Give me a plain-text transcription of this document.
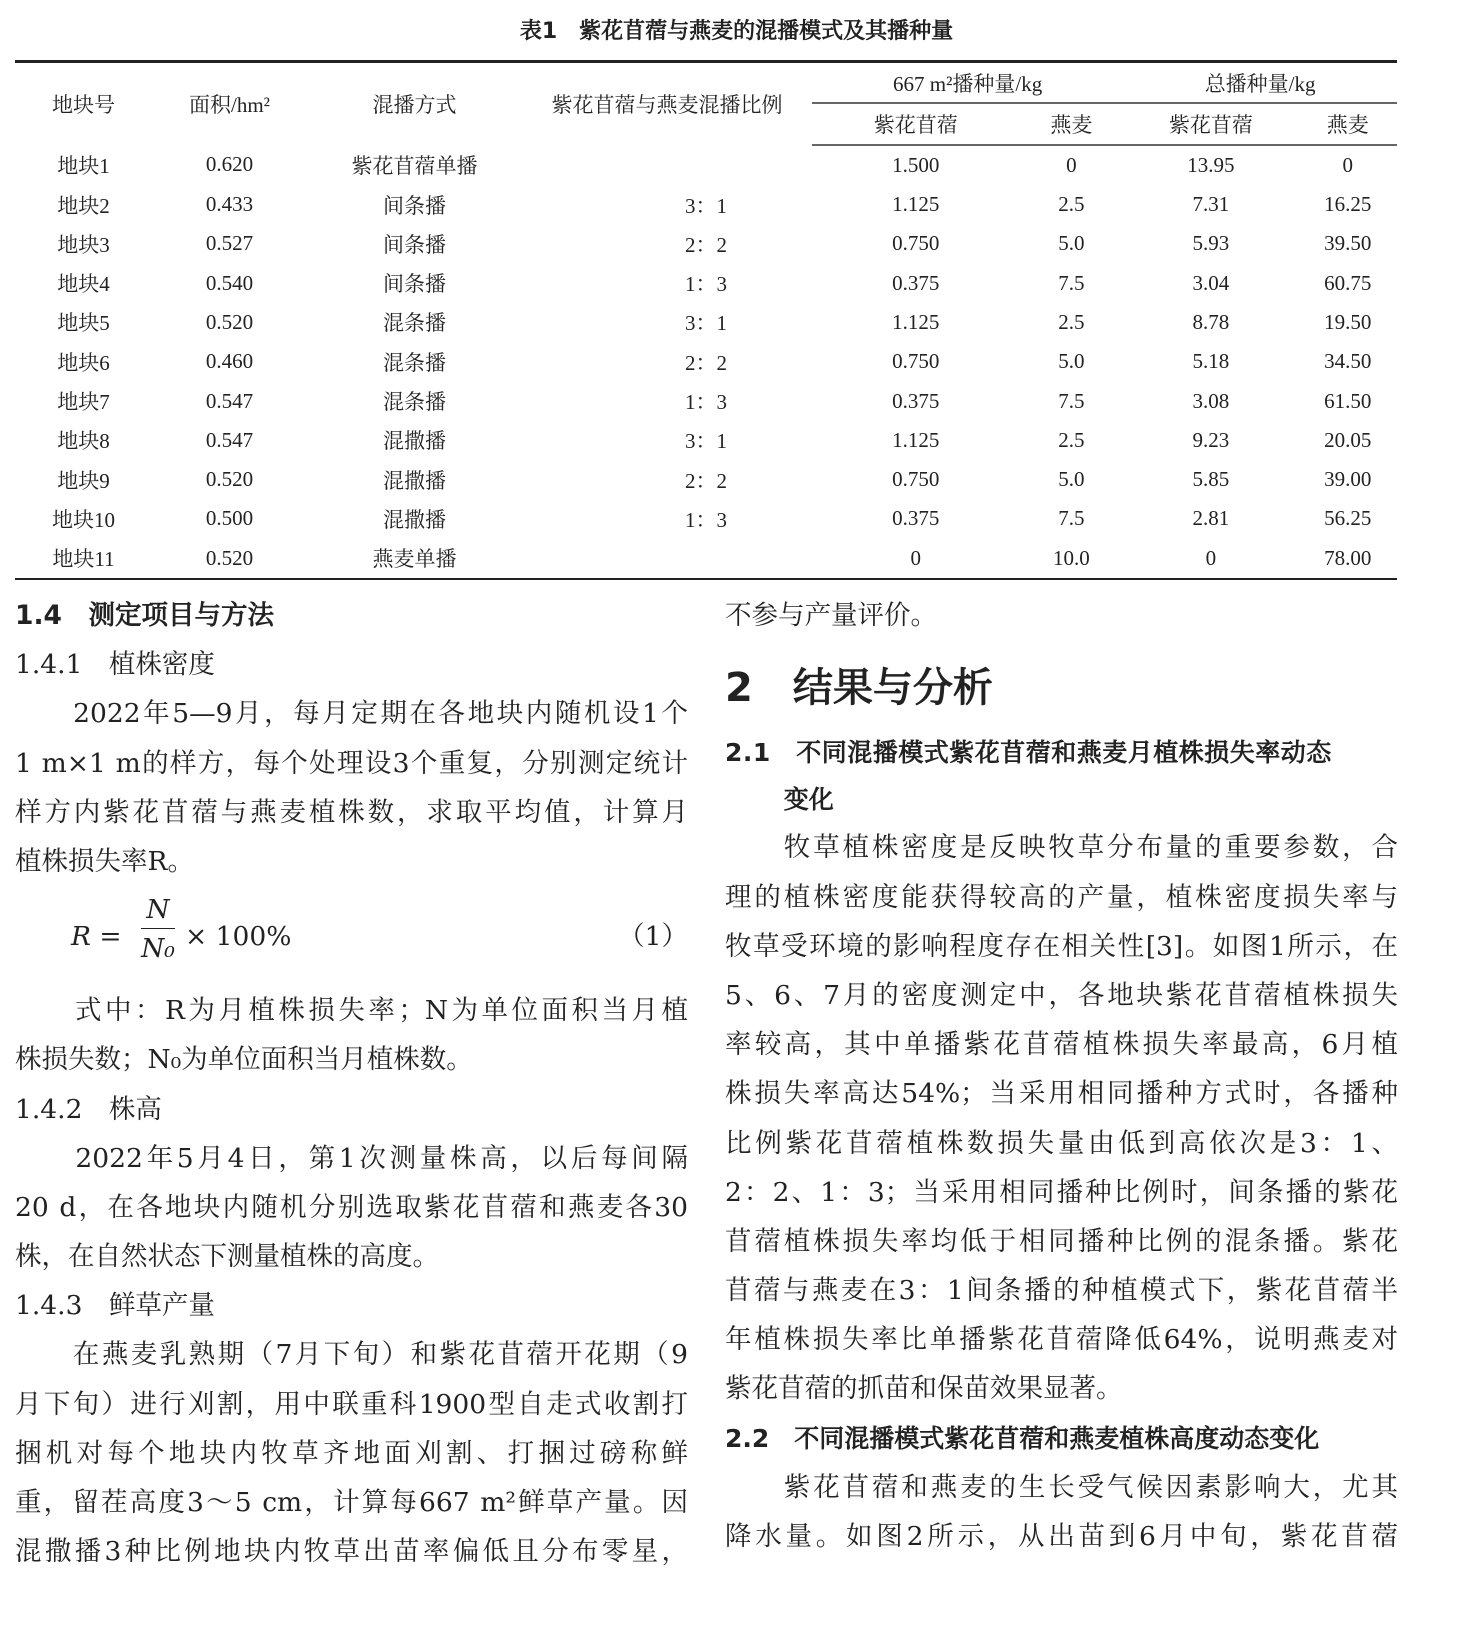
表1　紫花苜蓿与燕麦的混播模式及其播种量
地块号	面积/hm²	混播方式	紫花苜蓿与燕麦混播比例	667 m²播种量/kg		总播种量/kg	
				紫花苜蓿	燕麦	紫花苜蓿	燕麦
地块1	0.620	紫花苜蓿单播		1.500	0	13.95	0
地块2	0.433	间条播	3：1	1.125	2.5	7.31	16.25
地块3	0.527	间条播	2：2	0.750	5.0	5.93	39.50
地块4	0.540	间条播	1：3	0.375	7.5	3.04	60.75
地块5	0.520	混条播	3：1	1.125	2.5	8.78	19.50
地块6	0.460	混条播	2：2	0.750	5.0	5.18	34.50
地块7	0.547	混条播	1：3	0.375	7.5	3.08	61.50
地块8	0.547	混撒播	3：1	1.125	2.5	9.23	20.05
地块9	0.520	混撒播	2：2	0.750	5.0	5.85	39.00
地块10	0.500	混撒播	1：3	0.375	7.5	2.81	56.25
地块11	0.520	燕麦单播		0	10.0	0	78.00
1.4　测定项目与方法
1.4.1　植株密度
　　2022年5—9月，每月定期在各地块内随机设1个
1 m×1 m的样方，每个处理设3个重复，分别测定统计
样方内紫花苜蓿与燕麦植株数，求取平均值，计算月
植株损失率R。
$R = \frac{N}{\text{N₀}} \times 100\%$	（1）
　　式中：R为月植株损失率；N为单位面积当月植
株损失数；N₀为单位面积当月植株数。
1.4.2　株高
　　2022年5月4日，第1次测量株高，以后每间隔
20 d，在各地块内随机分别选取紫花苜蓿和燕麦各30
株，在自然状态下测量植株的高度。
1.4.3　鲜草产量
　　在燕麦乳熟期（7月下旬）和紫花苜蓿开花期（9
月下旬）进行刈割，用中联重科1900型自走式收割打
捆机对每个地块内牧草齐地面刈割、打捆过磅称鲜
重，留茬高度3～5 cm，计算每667 m²鲜草产量。因
混撒播3种比例地块内牧草出苗率偏低且分布零星，
不参与产量评价。
2　结果与分析
2.1　不同混播模式紫花苜蓿和燕麦月植株损失率动态
　　 变化
　　牧草植株密度是反映牧草分布量的重要参数，合
理的植株密度能获得较高的产量，植株密度损失率与
牧草受环境的影响程度存在相关性[3]。如图1所示，在
5、6、7月的密度测定中，各地块紫花苜蓿植株损失
率较高，其中单播紫花苜蓿植株损失率最高，6月植
株损失率高达54%；当采用相同播种方式时，各播种
比例紫花苜蓿植株数损失量由低到高依次是3：1、
2：2、1：3；当采用相同播种比例时，间条播的紫花
苜蓿植株损失率均低于相同播种比例的混条播。紫花
苜蓿与燕麦在3：1间条播的种植模式下，紫花苜蓿半
年植株损失率比单播紫花苜蓿降低64%，说明燕麦对
紫花苜蓿的抓苗和保苗效果显著。
2.2　不同混播模式紫花苜蓿和燕麦植株高度动态变化
　　紫花苜蓿和燕麦的生长受气候因素影响大，尤其
降水量。如图2所示，从出苗到6月中旬，紫花苜蓿
